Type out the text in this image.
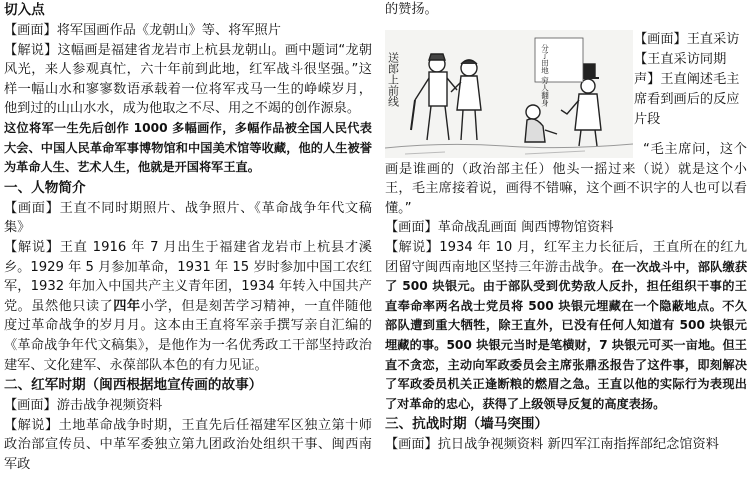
切入点

【画面】将军国画作品《龙朝山》等、将军照片

【解说】这幅画是福建省龙岩市上杭县龙朝山。画中题词“龙朝风光，来人参观真忙，六十年前到此地，红军战斗很坚强。”这样一幅山水和寥寥数语承载着一位将军戎马一生的峥嵘岁月，他到过的山山水水，成为他取之不尽、用之不竭的创作源泉。

这位将军一生先后创作 1000 多幅画作，多幅作品被全国人民代表大会、中国人民革命军事博物馆和中国美术馆等收藏，他的人生被誉为革命人生、艺术人生，他就是开国将军王直。

一、人物简介

【画面】王直不同时期照片、战争照片、《革命战争年代文稿集》

【解说】王直 1916 年 7 月出生于福建省龙岩市上杭县才溪乡。1929 年 5 月参加革命，1931 年 15 岁时参加中国工农红军，1932 年加入中国共产主义青年团，1934 年转入中国共产党。虽然他只读了四年小学，但是刻苦学习精神，一直伴随他度过革命战争的岁月月。这本由王直将军亲手撰写亲自汇编的《革命战争年代文稿集》，是他作为一名优秀政工干部坚持政治建军、文化建军、永葆部队本色的有力见证。

二、红军时期（闽西根据地宣传画的故事）

【画面】游击战争视频资料

【解说】土地革命战争时期，王直先后任福建军区独立第十师政治部宣传员、中革军委独立第九团政治处组织干事、闽西南军政

的赞扬。

送郎上前线	分了田地 穷人翻身
【画面】王直采访
【王直采访同期
声】王直阐述毛主
席看到画后的反应
片段

“毛主席问，这个画是谁画的（政治部主任）他头一摇过来（说）就是这个小王，毛主席接着说，画得不错嘛，这个画不识字的人也可以看懂。”

【画面】革命战乱画面 闽西博物馆资料

【解说】1934 年 10 月，红军主力长征后，王直所在的红九团留守闽西南地区坚持三年游击战争。在一次战斗中，部队缴获了 500 块银元。由于部队受到优势敌人反扑，担任组织干事的王直奉命率两名战士党员将 500 块银元埋藏在一个隐蔽地点。不久部队遭到重大牺牲，除王直外，已没有任何人知道有 500 块银元埋藏的事。500 块银元当时是笔横财，7 块银元可买一亩地。但王直不贪恋，主动向军政委员会主席张鼎丞报告了这件事，即刻解决了军政委员机关正逢断粮的燃眉之急。王直以他的实际行为表现出了对革命的忠心，获得了上级领导反复的高度表扬。

三、抗战时期（墙马突围）

【画面】抗日战争视频资料 新四军江南指挥部纪念馆资料
